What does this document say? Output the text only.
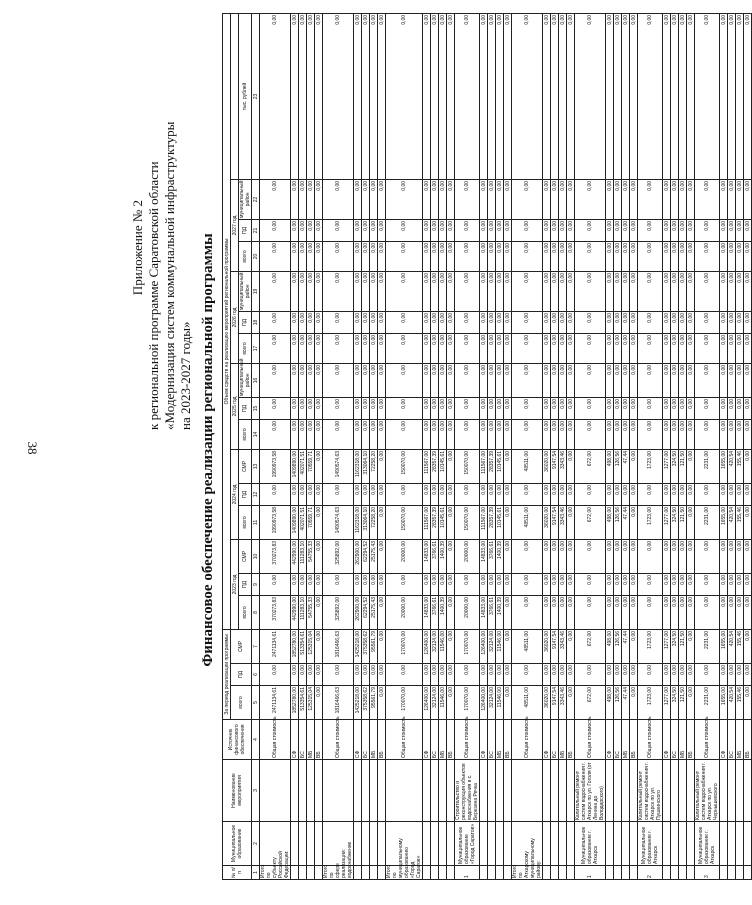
38
Приложение № 2 к региональной программе Саратовской области «Модернизация систем коммунальной инфраструктуры на 2023-2027 годы» Финансовое обеспечение реализации региональной программы
№ п/п	Муниципальное образование	Наименование мероприятия	Источник финансового обеспечения	За период реализации программы			Объем средств на реализацию мероприятий региональной программы															
				всего	ПД	СМР	2023 год			2024 год			2025 год			2026 год			2027 год			
							всего	ПД	СМР	всего	ПД	СМР	всего	ПД	муниципальный район	всего	ПД	муниципальный район	всего	ПД	муниципальный район	тыс. рублей
1	2	3	4	5	6	7	8	9	10	11	12	13	14	15	16	17	18	19	20	21	22	23
Итого по субъекту Российской Федерации:			Общая стоимость	2471134,61	0,00	2471134,61	370273,83	0,00	370273,83	1990973,58	0,00	1990973,58	0,00	0,00	0,00	0,00	0,00	0,00	0,00	0,00	0,00	0,00
			СФ	1852780,00	0,00	1852780,00	442990,00	0,00	442990,00	1409890,00	0,00	1409890,00	0,00	0,00	0,00	0,00	0,00	0,00	0,00	0,00	0,00	0,00
			БС	513354,61	0,00	513354,61	111283,10	0,00	111283,10	402071,51	0,00	402071,51	0,00	0,00	0,00	0,00	0,00	0,00	0,00	0,00	0,00	0,00
			МБ	125315,04	0,00	125315,04	54755,33	0,00	54755,33	70559,71	0,00	70559,71	0,00	0,00	0,00	0,00	0,00	0,00	0,00	0,00	0,00	0,00
			ВБ	0,00	0,00	0,00	0,00	0,00	0,00	0,00	0,00	0,00	0,00	0,00	0,00	0,00	0,00	0,00	0,00	0,00	0,00	0,00
Итого по сфере реализации: водоснабжение			Общая стоимость	1816466,63	0,00	1816466,63	325892,00	0,00	325892,00	1490574,63	0,00	1490574,63	0,00	0,00	0,00	0,00	0,00	0,00	0,00	0,00	0,00	0,00
			СФ	1425218,00	0,00	1425218,00	262900,00	0,00	262900,00	1162318,00	0,00	1162318,00	0,00	0,00	0,00	0,00	0,00	0,00	0,00	0,00	0,00	0,00
			БС	375358,62	0,00	375358,62	62294,52	0,00	62294,52	313064,10	0,00	313064,10	0,00	0,00	0,00	0,00	0,00	0,00	0,00	0,00	0,00	0,00
			МБ	95561,79	0,00	95561,79	25175,43	0,00	25175,43	72258,20	0,00	72258,20	0,00	0,00	0,00	0,00	0,00	0,00	0,00	0,00	0,00	0,00
			ВБ	0,00	0,00	0,00	0,00	0,00	0,00	0,00	0,00	0,00	0,00	0,00	0,00	0,00	0,00	0,00	0,00	0,00	0,00	0,00
Итого по муниципальному образованию «Город Саратов»			Общая стоимость	170070,00	0,00	170070,00	20000,00	0,00	20000,00	150070,00	0,00	150070,00	0,00	0,00	0,00	0,00	0,00	0,00	0,00	0,00	0,00	0,00
			СФ	126400,00	0,00	126400,00	14833,00	0,00	14833,00	111567,00	0,00	111567,00	0,00	0,00	0,00	0,00	0,00	0,00	0,00	0,00	0,00	0,00
			БС	32124,00	0,00	32124,00	3766,61	0,00	3766,61	28357,39	0,00	28357,39	0,00	0,00	0,00	0,00	0,00	0,00	0,00	0,00	0,00	0,00
			МБ	11546,00	0,00	11546,00	1400,39	0,00	1400,39	10145,61	0,00	10145,61	0,00	0,00	0,00	0,00	0,00	0,00	0,00	0,00	0,00	0,00
			ВБ	0,00	0,00	0,00	0,00	0,00	0,00	0,00	0,00	0,00	0,00	0,00	0,00	0,00	0,00	0,00	0,00	0,00	0,00	0,00
1	Муниципальное образование «Город Саратов»	Строительство и реконструкция объектов водоснабжения в с. Березина Речка	Общая стоимость	170070,00	0,00	170070,00	20000,00	0,00	20000,00	150070,00	0,00	150070,00	0,00	0,00	0,00	0,00	0,00	0,00	0,00	0,00	0,00	0,00
			СФ	126400,00	0,00	126400,00	14833,00	0,00	14833,00	111567,00	0,00	111567,00	0,00	0,00	0,00	0,00	0,00	0,00	0,00	0,00	0,00	0,00
			БС	32124,00	0,00	32124,00	3766,61	0,00	3766,61	28357,39	0,00	28357,39	0,00	0,00	0,00	0,00	0,00	0,00	0,00	0,00	0,00	0,00
			МБ	11546,00	0,00	11546,00	1400,39	0,00	1400,39	10145,61	0,00	10145,61	0,00	0,00	0,00	0,00	0,00	0,00	0,00	0,00	0,00	0,00
			ВБ	0,00	0,00	0,00	0,00	0,00	0,00	0,00	0,00	0,00	0,00	0,00	0,00	0,00	0,00	0,00	0,00	0,00	0,00	0,00
Итого по Аткарскому муниципальному району:			Общая стоимость	48511,00	0,00	48511,00	0,00	0,00	0,00	48511,00	0,00	48511,00	0,00	0,00	0,00	0,00	0,00	0,00	0,00	0,00	0,00	0,00
			СФ	36020,00	0,00	36020,00	0,00	0,00	0,00	36020,00	0,00	36020,00	0,00	0,00	0,00	0,00	0,00	0,00	0,00	0,00	0,00	0,00
			БС	9147,54	0,00	9147,54	0,00	0,00	0,00	9147,54	0,00	9147,54	0,00	0,00	0,00	0,00	0,00	0,00	0,00	0,00	0,00	0,00
			МБ	3343,46	0,00	3343,46	0,00	0,00	0,00	3343,46	0,00	3343,46	0,00	0,00	0,00	0,00	0,00	0,00	0,00	0,00	0,00	0,00
			ВБ	0,00	0,00	0,00	0,00	0,00	0,00	0,00	0,00	0,00	0,00	0,00	0,00	0,00	0,00	0,00	0,00	0,00	0,00	0,00
1	Муниципальное образование г. Аткарск	Капитальный ремонт систем водоснабжения г. Аткарск по ул. Гоголя (от Ленина до Володарского)	Общая стоимость	672,00	0,00	672,00	0,00	0,00	0,00	672,00	0,00	672,00	0,00	0,00	0,00	0,00	0,00	0,00	0,00	0,00	0,00	0,00
			СФ	498,00	0,00	498,00	0,00	0,00	0,00	498,00	0,00	498,00	0,00	0,00	0,00	0,00	0,00	0,00	0,00	0,00	0,00	0,00
			БС	126,56	0,00	126,56	0,00	0,00	0,00	126,56	0,00	126,56	0,00	0,00	0,00	0,00	0,00	0,00	0,00	0,00	0,00	0,00
			МБ	47,44	0,00	47,44	0,00	0,00	0,00	47,44	0,00	47,44	0,00	0,00	0,00	0,00	0,00	0,00	0,00	0,00	0,00	0,00
			ВБ	0,00	0,00	0,00	0,00	0,00	0,00	0,00	0,00	0,00	0,00	0,00	0,00	0,00	0,00	0,00	0,00	0,00	0,00	0,00
2	Муниципальное образование г. Аткарск	Капитальный ремонт систем водоснабжения г. Аткарск по ул. Пушкинского	Общая стоимость	1723,00	0,00	1723,00	0,00	0,00	0,00	1723,00	0,00	1723,00	0,00	0,00	0,00	0,00	0,00	0,00	0,00	0,00	0,00	0,00
			СФ	1277,00	0,00	1277,00	0,00	0,00	0,00	1277,00	0,00	1277,00	0,00	0,00	0,00	0,00	0,00	0,00	0,00	0,00	0,00	0,00
			БС	324,50	0,00	324,50	0,00	0,00	0,00	324,50	0,00	324,50	0,00	0,00	0,00	0,00	0,00	0,00	0,00	0,00	0,00	0,00
			МБ	121,50	0,00	121,50	0,00	0,00	0,00	121,50	0,00	121,50	0,00	0,00	0,00	0,00	0,00	0,00	0,00	0,00	0,00	0,00
			ВБ	0,00	0,00	0,00	0,00	0,00	0,00	0,00	0,00	0,00	0,00	0,00	0,00	0,00	0,00	0,00	0,00	0,00	0,00	0,00
3	Муниципальное образование г. Аткарск	Капитальный ремонт систем водоснабжения г. Аткарск по ул. Чернышевского	Общая стоимость	2231,00	0,00	2231,00	0,00	0,00	0,00	2231,00	0,00	2231,00	0,00	0,00	0,00	0,00	0,00	0,00	0,00	0,00	0,00	0,00
			СФ	1655,00	0,00	1655,00	0,00	0,00	0,00	1655,00	0,00	1655,00	0,00	0,00	0,00	0,00	0,00	0,00	0,00	0,00	0,00	0,00
			БС	420,54	0,00	420,54	0,00	0,00	0,00	420,54	0,00	420,54	0,00	0,00	0,00	0,00	0,00	0,00	0,00	0,00	0,00	0,00
			МБ	155,46	0,00	155,46	0,00	0,00	0,00	155,46	0,00	155,46	0,00	0,00	0,00	0,00	0,00	0,00	0,00	0,00	0,00	0,00
			ВБ	0,00	0,00	0,00	0,00	0,00	0,00	0,00	0,00	0,00	0,00	0,00	0,00	0,00	0,00	0,00	0,00	0,00	0,00	0,00
